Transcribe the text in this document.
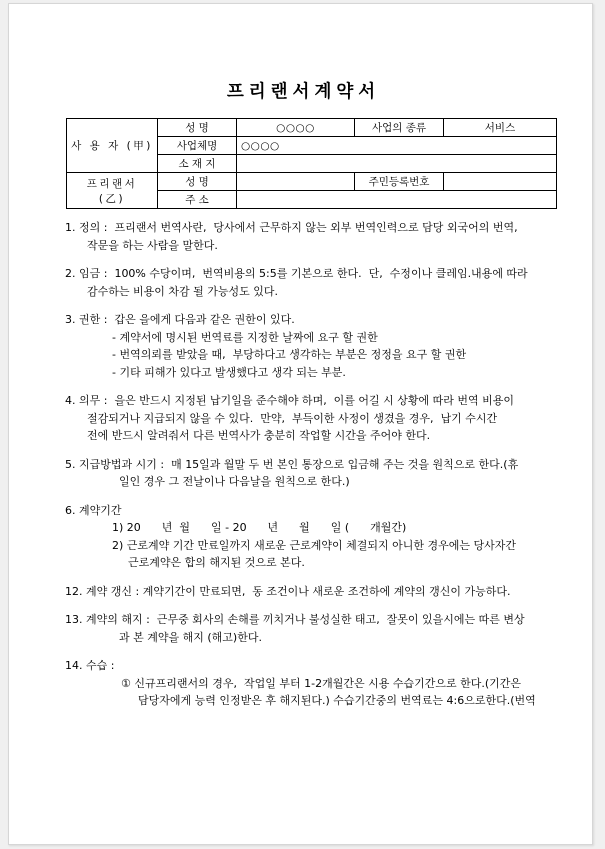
프리랜서계약서
사 용 자 (甲)	성 명	○○○○	사업의 종류	서비스
	사업체명	○○○○		
	소 재 지			
프리랜서 (乙)	성 명		주민등록번호	
	주 소			
1. 정의 :  프리랜서 번역사란,  당사에서 근무하지 않는 외부 번역인력으로 담당 외국어의 번역,
작문을 하는 사람을 말한다.
2. 임금 :  100% 수당이며,  번역비용의 5:5를 기본으로 한다.  단,  수정이나 클레임.내용에 따라
감수하는 비용이 차감 될 가능성도 있다.
3. 권한 :  갑은 을에게 다음과 같은 권한이 있다.
- 계약서에 명시된 번역료를 지정한 날짜에 요구 할 권한
- 번역의뢰를 받았을 때,  부당하다고 생각하는 부분은 정정을 요구 할 권한
- 기타 피해가 있다고 발생했다고 생각 되는 부분.
4. 의무 :  을은 반드시 지정된 납기일을 준수해야 하며,  이를 어길 시 상황에 따라 번역 비용이
절감되거나 지급되지 않을 수 있다.  만약,  부득이한 사정이 생겼을 경우,  납기 수시간
전에 반드시 알려줘서 다른 번역사가 충분히 작업할 시간을 주어야 한다.
5. 지급방법과 시기 :  매 15일과 월말 두 번 본인 통장으로 입금해 주는 것을 원칙으로 한다.(휴
일인 경우 그 전날이나 다음날을 원칙으로 한다.)
6. 계약기간
1) 20      년  월      일 - 20      년      월      일 (      개월간)
2) 근로계약 기간 만료일까지 새로운 근로계약이 체결되지 아니한 경우에는 당사자간
근로계약은 합의 해지된 것으로 본다.
12. 계약 갱신 : 계약기간이 만료되면,  동 조건이나 새로운 조건하에 계약의 갱신이 가능하다.
13. 계약의 해지 :  근무중 회사의 손해를 끼치거나 불성실한 태고,  잘못이 있을시에는 따른 변상
과 본 계약을 해지 (해고)한다.
14. 수습 :
① 신규프리랜서의 경우,  작업일 부터 1-2개월간은 시용 수습기간으로 한다.(기간은
담당자에게 능력 인정받은 후 해지된다.) 수습기간중의 번역료는 4:6으로한다.(번역
